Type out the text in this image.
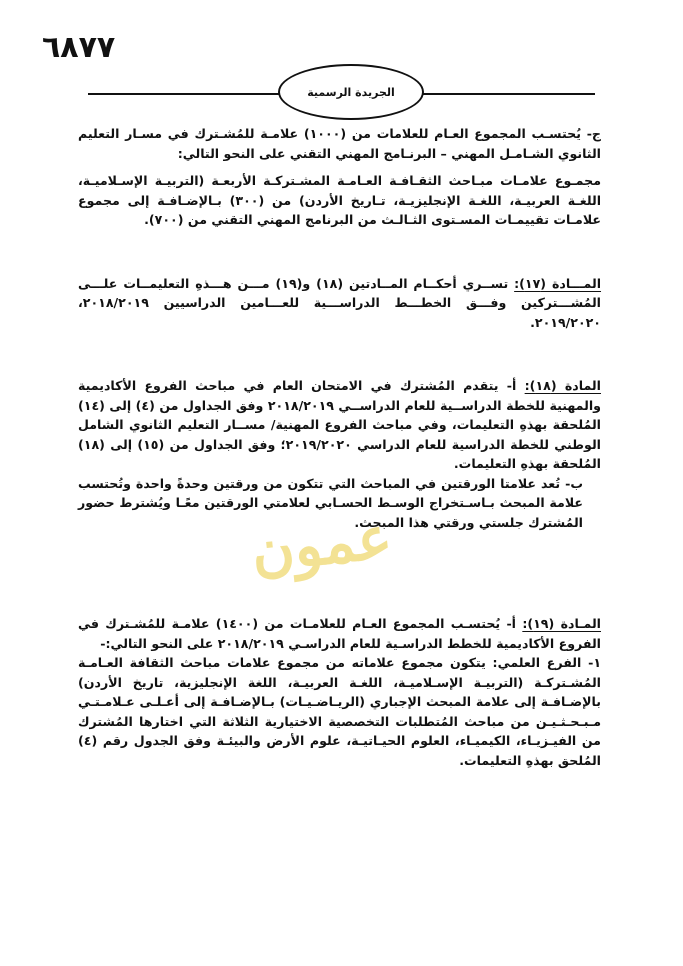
٦٨٧٧
الجريدة الرسمية
عمون

ج- يُحتسـب المجموع العـام للعلامات من (١٠٠٠) علامـة للمُشـترك في مسـار التعليم الثانوي الشـامـل المهني – البرنـامج المهني التقني على النحو التالي:

مجمـوع علامـات مبـاحث الثقـافـة العـامـة المشـتركـة الأربعـة (التربيـة الإسـلاميـة، اللغـة العربيـة، اللغـة الإنجليزيـة، تـاريخ الأردن) من (٣٠٠) بـالإضـافـة إلى مجموع علامـات تقييمـات المسـتوى الثـالـث من البرنامج المهني التقني من (٧٠٠).

المـــادة (١٧): تســري أحكــام المــادتين (١٨) و(١٩) مـــن هـــذهِ التعليمــات علـــى المُشـــتركين وفـــق الخطـــط الدراســـية للعـــامين الدراسيين ٢٠١٨/٢٠١٩، ٢٠١٩/٢٠٢٠.

المادة (١٨): أ- يتقدم المُشترك في الامتحان العام في مباحث الفروع الأكاديمية والمهنية للخطة الدراســية للعام الدراســي ٢٠١٨/٢٠١٩ وفق الجداول من (٤) إلى (١٤) المُلحقة بهذهِ التعليمات، وفي مباحث الفروع المهنية/ مســار التعليم الثانوي الشامل الوطني للخطة الدراسية للعام الدراسي ٢٠١٩/٢٠٢٠؛ وفق الجداول من (١٥) إلى (١٨) المُلحقة بهذهِ التعليمات.

ب- تُعد علامتا الورقتين في المباحث التي تتكون من ورقتين وحدةً واحدة وتُحتسب علامة المبحث بـاسـتخراج الوسـط الحسـابي لعلامتي الورقتين معًـا ويُشترط حضور المُشترك جلستي ورقتي هذا المبحث.

المـادة (١٩): أ- يُحتسـب المجموع العـام للعلامـات من (١٤٠٠) علامـة للمُشـترك في الفروع الأكاديمية للخطط الدراسـية للعام الدراسـي ٢٠١٨/٢٠١٩ على النحو التالي:-

١- الفرع العلمي: يتكون مجموع علاماته من مجموع علامات مباحث الثقافة العـامـة المُشـتركـة (التربيـة الإسـلاميـة، اللغـة العربيـة، اللغة الإنجليزية، تاريخ الأردن) بالإضـافـة إلى علامة المبحث الإجباري (الريـاضـيـات) بـالإضـافـة إلى أعـلـى عـلامـتـي مـبـحـثـيـن من مباحث المُتطلبات التخصصية الاختيارية الثلاثة التي اختارها المُشترك من الفيـزيـاء، الكيميـاء، العلوم الحيـاتيـة، علوم الأرض والبيئـة وفق الجدول رقم (٤) المُلحق بهذهِ التعليمات.
